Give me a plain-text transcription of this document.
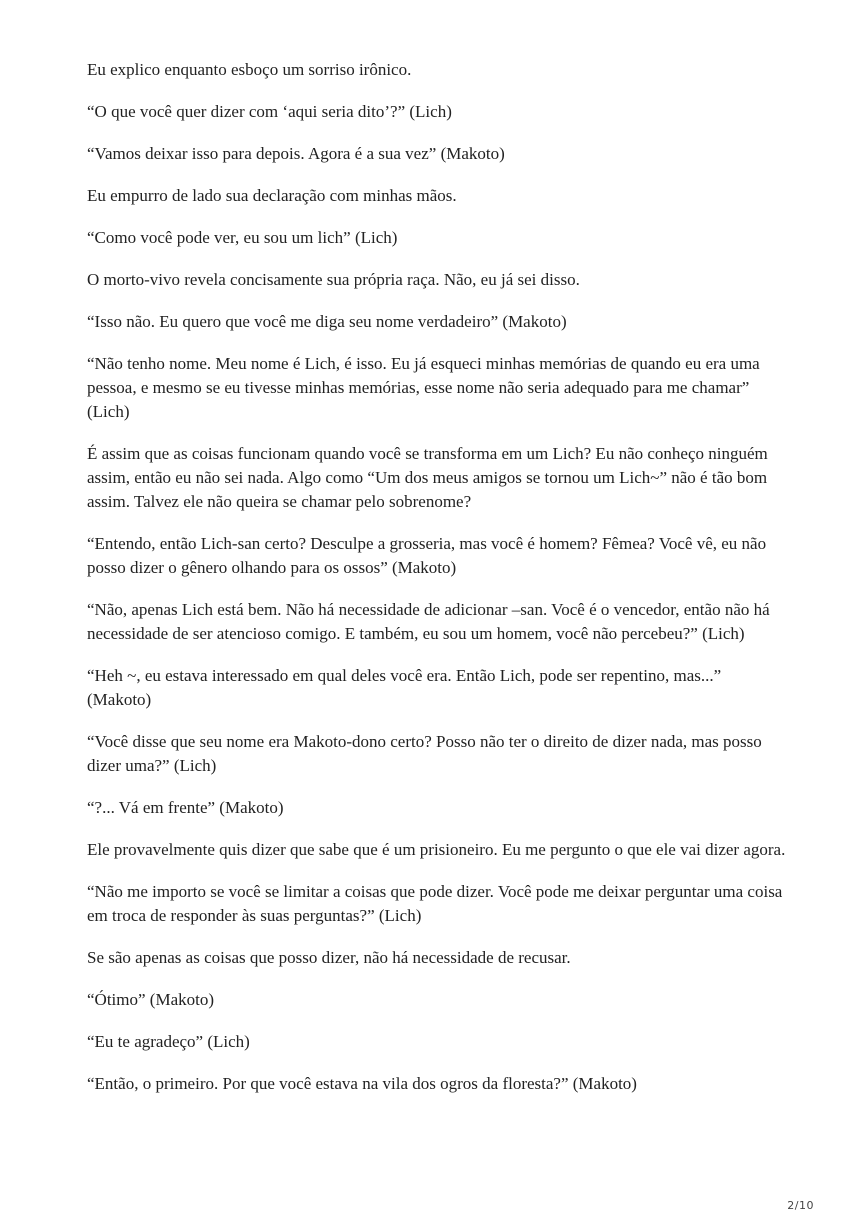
Eu explico enquanto esboço um sorriso irônico.

“O que você quer dizer com ‘aqui seria dito’?” (Lich)

“Vamos deixar isso para depois. Agora é a sua vez” (Makoto)

Eu empurro de lado sua declaração com minhas mãos.

“Como você pode ver, eu sou um lich” (Lich)

O morto-vivo revela concisamente sua própria raça. Não, eu já sei disso.

“Isso não. Eu quero que você me diga seu nome verdadeiro” (Makoto)

“Não tenho nome. Meu nome é Lich, é isso. Eu já esqueci minhas memórias de quando eu era uma pessoa, e mesmo se eu tivesse minhas memórias, esse nome não seria adequado para me chamar” (Lich)

É assim que as coisas funcionam quando você se transforma em um Lich? Eu não conheço ninguém assim, então eu não sei nada. Algo como “Um dos meus amigos se tornou um Lich~” não é tão bom assim. Talvez ele não queira se chamar pelo sobrenome?

“Entendo, então Lich-san certo? Desculpe a grosseria, mas você é homem? Fêmea? Você vê, eu não posso dizer o gênero olhando para os ossos” (Makoto)

“Não, apenas Lich está bem. Não há necessidade de adicionar –san. Você é o vencedor, então não há necessidade de ser atencioso comigo. E também, eu sou um homem, você não percebeu?” (Lich)

“Heh ~, eu estava interessado em qual deles você era. Então Lich, pode ser repentino, mas...” (Makoto)

“Você disse que seu nome era Makoto-dono certo? Posso não ter o direito de dizer nada, mas posso dizer uma?” (Lich)

“?... Vá em frente” (Makoto)

Ele provavelmente quis dizer que sabe que é um prisioneiro. Eu me pergunto o que ele vai dizer agora.

“Não me importo se você se limitar a coisas que pode dizer. Você pode me deixar perguntar uma coisa em troca de responder às suas perguntas?” (Lich)

Se são apenas as coisas que posso dizer, não há necessidade de recusar.

“Ótimo” (Makoto)

“Eu te agradeço” (Lich)

“Então, o primeiro. Por que você estava na vila dos ogros da floresta?” (Makoto)

2/10
